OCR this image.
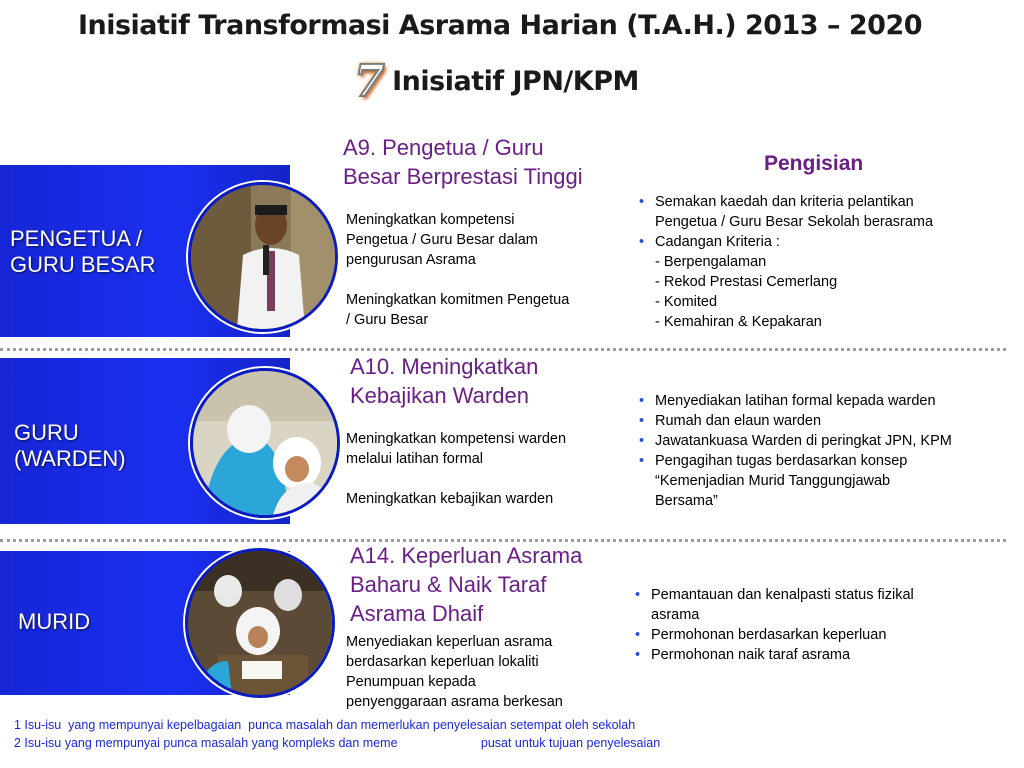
Inisiatif Transformasi Asrama Harian (T.A.H.) 2013 – 2020
7 Inisiatif JPN/KPM
Pengisian
PENGETUA /
GURU BESAR
A9. Pengetua / Guru
Besar Berprestasi Tinggi
Meningkatkan kompetensi
Pengetua / Guru Besar dalam
pengurusan Asrama
Meningkatkan komitmen Pengetua
/ Guru Besar
• Semakan kaedah dan kriteria pelantikan
Pengetua / Guru Besar Sekolah berasrama
• Cadangan Kriteria :
- Berpengalaman
- Rekod Prestasi Cemerlang
- Komited
- Kemahiran & Kepakaran
GURU
(WARDEN)
A10. Meningkatkan
Kebajikan Warden
Meningkatkan kompetensi warden
melalui latihan formal
Meningkatkan kebajikan warden
• Menyediakan latihan formal kepada warden
• Rumah dan elaun warden
• Jawatankuasa Warden di peringkat JPN, KPM
• Pengagihan tugas berdasarkan konsep
“Kemenjadian Murid Tanggungjawab
Bersama”
MURID
A14. Keperluan Asrama
Baharu & Naik Taraf
Asrama Dhaif
Menyediakan keperluan asrama
berdasarkan keperluan lokaliti
Penumpuan kepada
penyenggaraan asrama berkesan
• Pemantauan dan kenalpasti status fizikal
asrama
• Permohonan berdasarkan keperluan
• Permohonan naik taraf asrama
1 Isu-isu  yang mempunyai kepelbagaian  punca masalah dan memerlukan penyelesaian setempat oleh sekolah
2 Isu-isu yang mempunyai punca masalah yang kompleks dan meme                        pusat untuk tujuan penyelesaian
